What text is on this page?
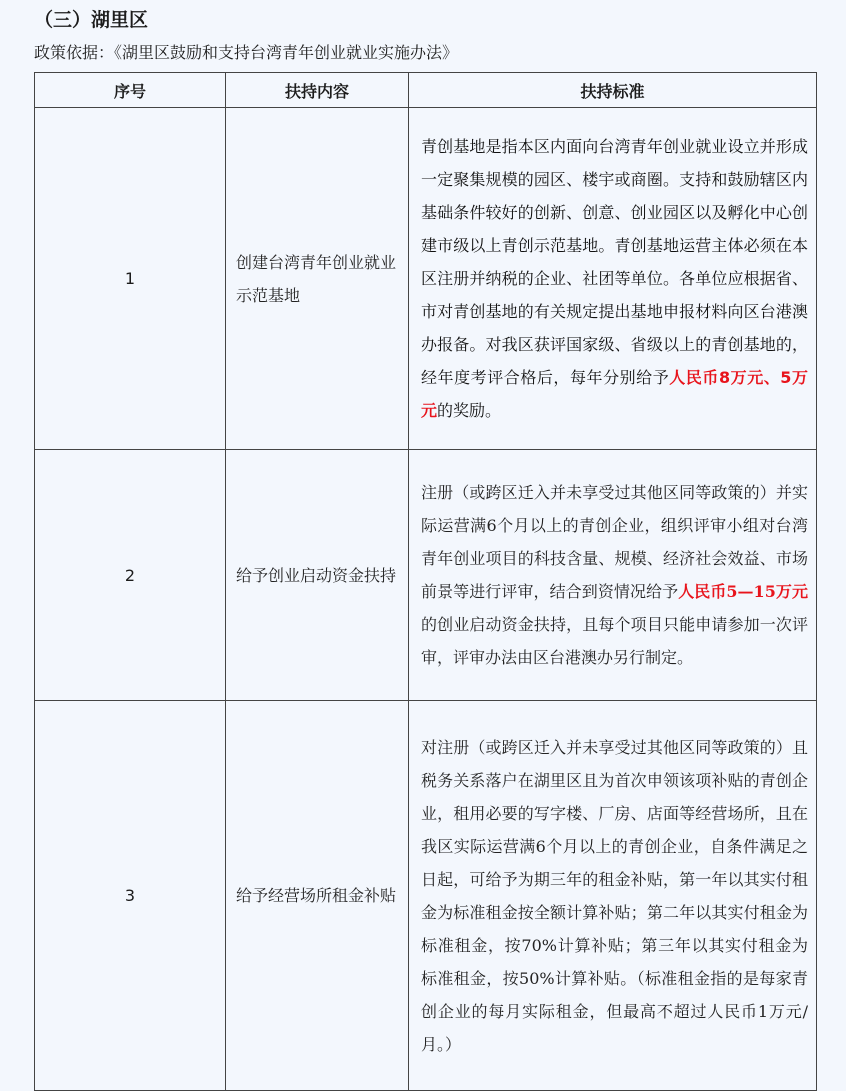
（三）湖里区
政策依据：《湖里区鼓励和支持台湾青年创业就业实施办法》
序号	扶持内容	扶持标准
1	创建台湾青年创业就业示范基地	青创基地是指本区内面向台湾青年创业就业设立并形成一定聚集规模的园区、楼宇或商圈。支持和鼓励辖区内基础条件较好的创新、创意、创业园区以及孵化中心创建市级以上青创示范基地。青创基地运营主体必须在本区注册并纳税的企业、社团等单位。各单位应根据省、市对青创基地的有关规定提出基地申报材料向区台港澳办报备。对我区获评国家级、省级以上的青创基地的，经年度考评合格后，每年分别给予人民币8万元、5万元的奖励。
2	给予创业启动资金扶持	注册（或跨区迁入并未享受过其他区同等政策的）并实际运营满6个月以上的青创企业，组织评审小组对台湾青年创业项目的科技含量、规模、经济社会效益、市场前景等进行评审，结合到资情况给予人民币5—15万元的创业启动资金扶持，且每个项目只能申请参加一次评审，评审办法由区台港澳办另行制定。
3	给予经营场所租金补贴	对注册（或跨区迁入并未享受过其他区同等政策的）且税务关系落户在湖里区且为首次申领该项补贴的青创企业，租用必要的写字楼、厂房、店面等经营场所，且在我区实际运营满6个月以上的青创企业，自条件满足之日起，可给予为期三年的租金补贴，第一年以其实付租金为标准租金按全额计算补贴；第二年以其实付租金为标准租金，按70%计算补贴；第三年以其实付租金为标准租金，按50%计算补贴。（标准租金指的是每家青创企业的每月实际租金，但最高不超过人民币1万元/月。）
